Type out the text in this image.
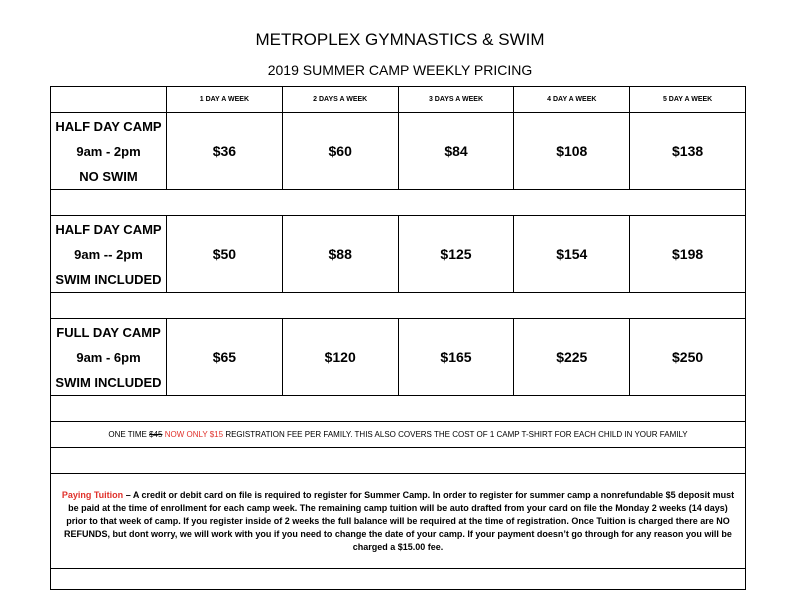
METROPLEX GYMNASTICS & SWIM
2019 SUMMER CAMP WEEKLY PRICING
	1 DAY A WEEK	2 DAYS A WEEK	3 DAYS A WEEK	4 DAY A WEEK	5 DAY A WEEK

HALF DAY CAMP
9am - 2pm
NO SWIM	$36	$60	$84	$108	$138

HALF DAY CAMP
9am -- 2pm
SWIM INCLUDED	$50	$88	$125	$154	$198

FULL DAY CAMP
9am - 6pm
SWIM INCLUDED	$65	$120	$165	$225	$250

ONE TIME $45 NOW ONLY $15 REGISTRATION FEE PER FAMILY. THIS ALSO COVERS THE COST OF 1 CAMP T-SHIRT FOR EACH CHILD IN YOUR FAMILY					

Paying Tuition – A credit or debit card on file is required to register for Summer Camp. In order to register for summer camp a nonrefundable $5 deposit must be paid at the time of enrollment for each camp week. The remaining camp tuition will be auto drafted from your card on file the Monday 2 weeks (14 days) prior to that week of camp. If you register inside of 2 weeks the full balance will be required at the time of registration. Once Tuition is charged there are NO REFUNDS, but dont worry, we will work with you if you need to change the date of your camp. If your payment doesn’t go through for any reason you will be charged a $15.00 fee.					
